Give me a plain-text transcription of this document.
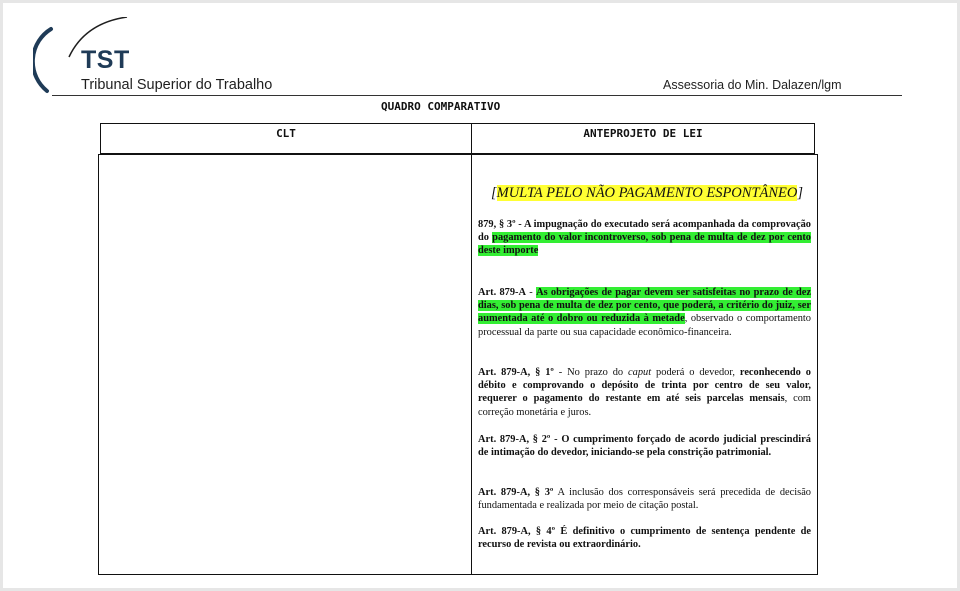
TST
Tribunal Superior do Trabalho	Assessoria do Min. Dalazen/lgm
QUADRO COMPARATIVO
CLT	ANTEPROJETO DE LEI
[MULTA PELO NÃO PAGAMENTO ESPONTÂNEO]

879, § 3º - A impugnação do executado será acompanhada da comprovação do pagamento do valor incontroverso, sob pena de multa de dez por cento deste importe

Art. 879-A - As obrigações de pagar devem ser satisfeitas no prazo de dez dias, sob pena de multa de dez por cento, que poderá, a critério do juiz, ser aumentada até o dobro ou reduzida à metade, observado o comportamento processual da parte ou sua capacidade econômico-financeira.

Art. 879-A, § 1º - No prazo do caput poderá o devedor, reconhecendo o débito e comprovando o depósito de trinta por centro de seu valor, requerer o pagamento do restante em até seis parcelas mensais, com correção monetária e juros.

Art. 879-A, § 2º - O cumprimento forçado de acordo judicial prescindirá de intimação do devedor, iniciando-se pela constrição patrimonial.

Art. 879-A, § 3º A inclusão dos corresponsáveis será precedida de decisão fundamentada e realizada por meio de citação postal.

Art. 879-A, § 4º É definitivo o cumprimento de sentença pendente de recurso de revista ou extraordinário.
